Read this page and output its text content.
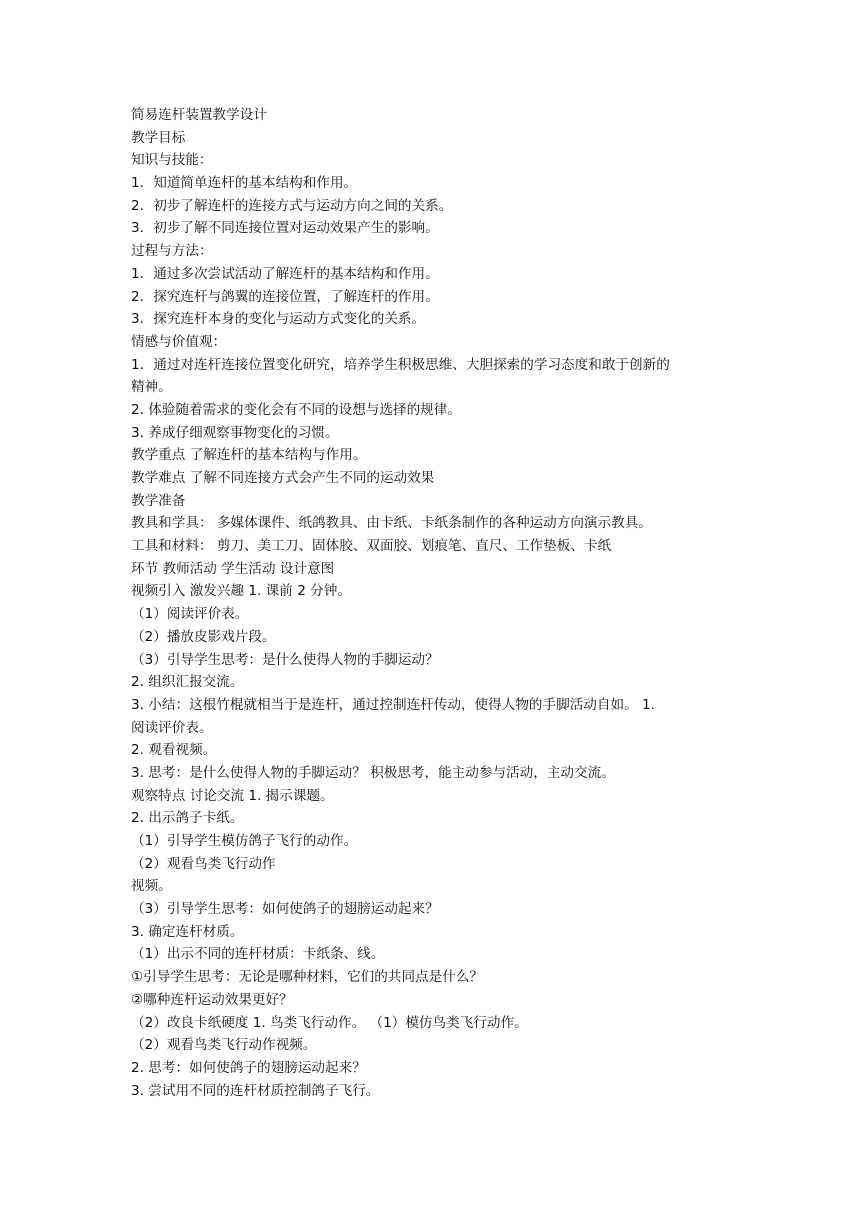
简易连杆装置教学设计
教学目标
知识与技能：
1．知道简单连杆的基本结构和作用。
2．初步了解连杆的连接方式与运动方向之间的关系。
3．初步了解不同连接位置对运动效果产生的影响。
过程与方法：
1．通过多次尝试活动了解连杆的基本结构和作用。
2．探究连杆与鸽翼的连接位置，了解连杆的作用。
3．探究连杆本身的变化与运动方式变化的关系。
情感与价值观：
1．通过对连杆连接位置变化研究，培养学生积极思维、大胆探索的学习态度和敢于创新的
精神。
2. 体验随着需求的变化会有不同的设想与选择的规律。
3. 养成仔细观察事物变化的习惯。
教学重点 了解连杆的基本结构与作用。
教学难点 了解不同连接方式会产生不同的运动效果
教学准备
教具和学具： 多媒体课件、纸鸽教具、由卡纸、卡纸条制作的各种运动方向演示教具。
工具和材料： 剪刀、美工刀、固体胶、双面胶、划痕笔、直尺、工作垫板、卡纸
环节 教师活动 学生活动 设计意图
视频引入 激发兴趣 1. 课前 2 分钟。
（1）阅读评价表。
（2）播放皮影戏片段。
（3）引导学生思考：是什么使得人物的手脚运动？
2. 组织汇报交流。
3. 小结：这根竹棍就相当于是连杆，通过控制连杆传动，使得人物的手脚活动自如。 1.
阅读评价表。
2. 观看视频。
3. 思考：是什么使得人物的手脚运动？ 积极思考，能主动参与活动，主动交流。
观察特点 讨论交流 1. 揭示课题。
2. 出示鸽子卡纸。
（1）引导学生模仿鸽子飞行的动作。
（2）观看鸟类飞行动作
视频。
（3）引导学生思考：如何使鸽子的翅膀运动起来？
3. 确定连杆材质。
（1）出示不同的连杆材质：卡纸条、线。
①引导学生思考：无论是哪种材料，它们的共同点是什么？
②哪种连杆运动效果更好？
（2）改良卡纸硬度 1. 鸟类飞行动作。 （1）模仿鸟类飞行动作。
（2）观看鸟类飞行动作视频。
2. 思考：如何使鸽子的翅膀运动起来？
3. 尝试用不同的连杆材质控制鸽子飞行。
